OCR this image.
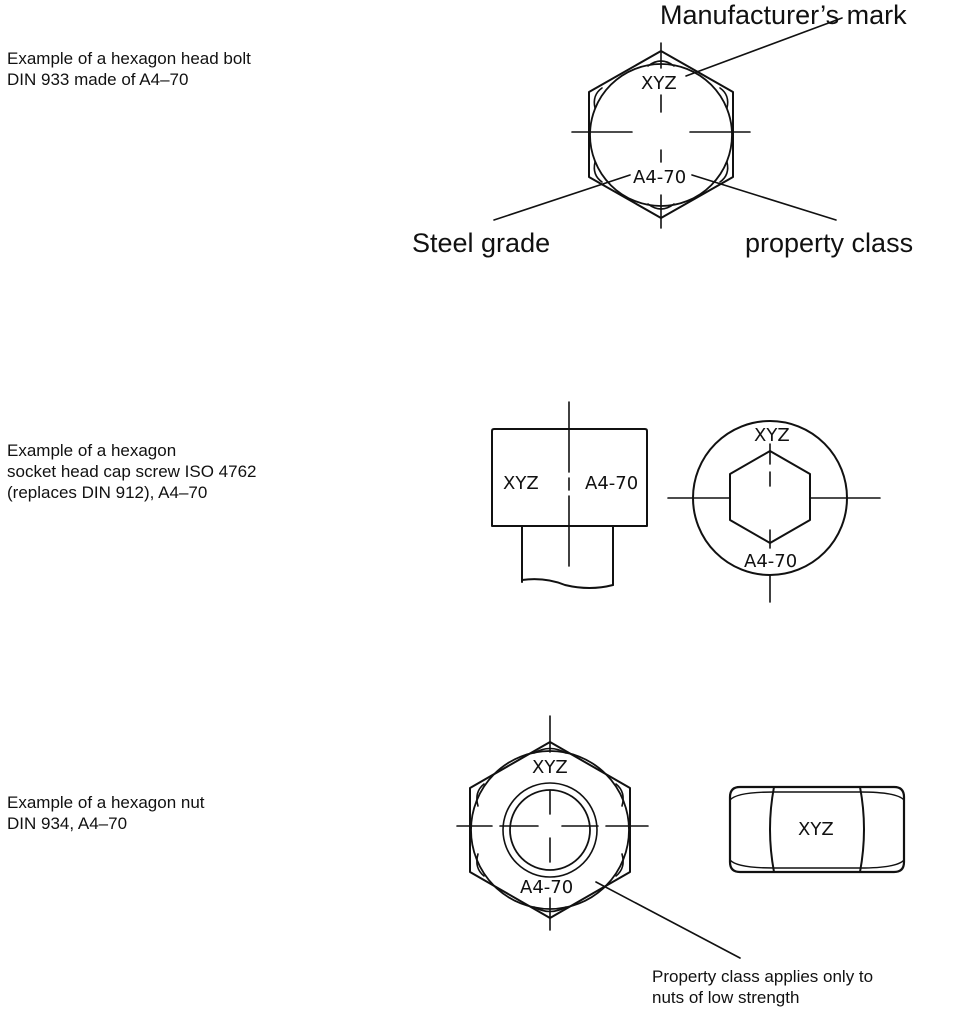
Example of a hexagon head bolt
DIN 933 made of A4–70
Example of a hexagon
socket head cap screw ISO 4762
(replaces DIN 912), A4–70
Example of a hexagon nut
DIN 934, A4–70
Manufacturer’s mark
Steel grade	property class
Property class applies only to
nuts of low strength
XYZ
A4-70
XYZ	A4-70
XYZ
A4-70
XYZ
A4-70
XYZ
